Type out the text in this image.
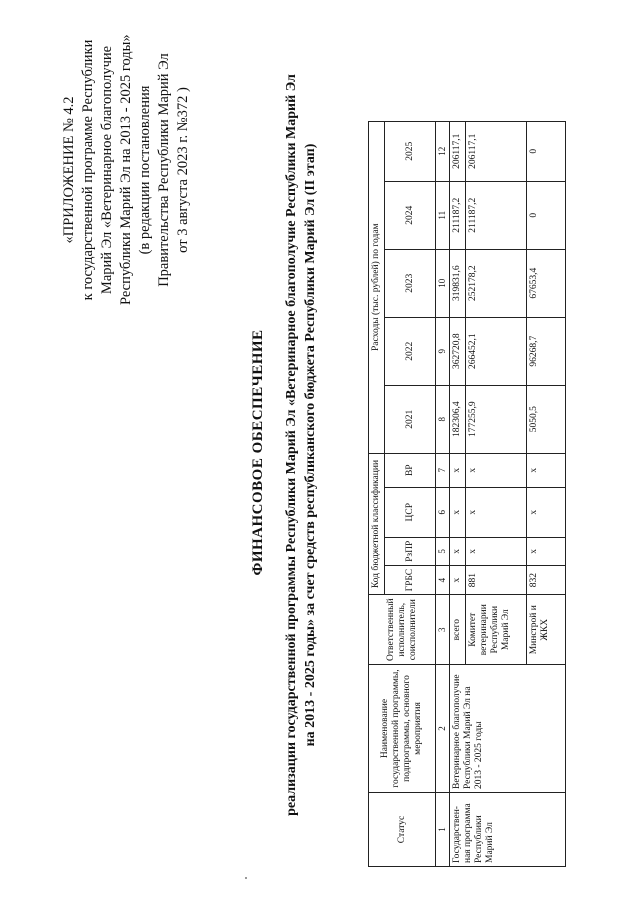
«ПРИЛОЖЕНИЕ № 4.2 к государственной программе Республики Марий Эл «Ветеринарное благополучие Республики Марий Эл на 2013 - 2025 годы» (в редакции постановления Правительства Республики Марий Эл от 3 августа 2023 г. №372 )
ФИНАНСОВОЕ ОБЕСПЕЧЕНИЕ реализации государственной программы Республики Марий Эл «Ветеринарное благополучие Республики Марий Эл на 2013 - 2025 годы» за счет средств республиканского бюджета Республики Марий Эл (II этап)
Статус	Наименование государственной программы, подпрограммы, основного мероприятия	Ответственный исполнитель, соисполнители	Код бюджетной классификации				Расходы (тыс. рублей) по годам				
			ГРБС	РзПР	ЦСР	ВР	2021	2022	2023	2024	2025
1	2	3	4	5	6	7	8	9	10	11	12
Государствен-ная программа Республики Марий Эл	Ветеринарное благополучие Республики Марий Эл на 2013 - 2025 годы	всего	х	х	х	х	182306,4	362720,8	319831,6	211187,2	206117,1
		Комитет ветеринарии Республики Марий Эл	881	х	х	х	177255,9	266452,1	252178,2	211187,2	206117,1
		Минстрой и ЖКХ	832	х	х	х	5050,5	96268,7	67653,4	0	0
